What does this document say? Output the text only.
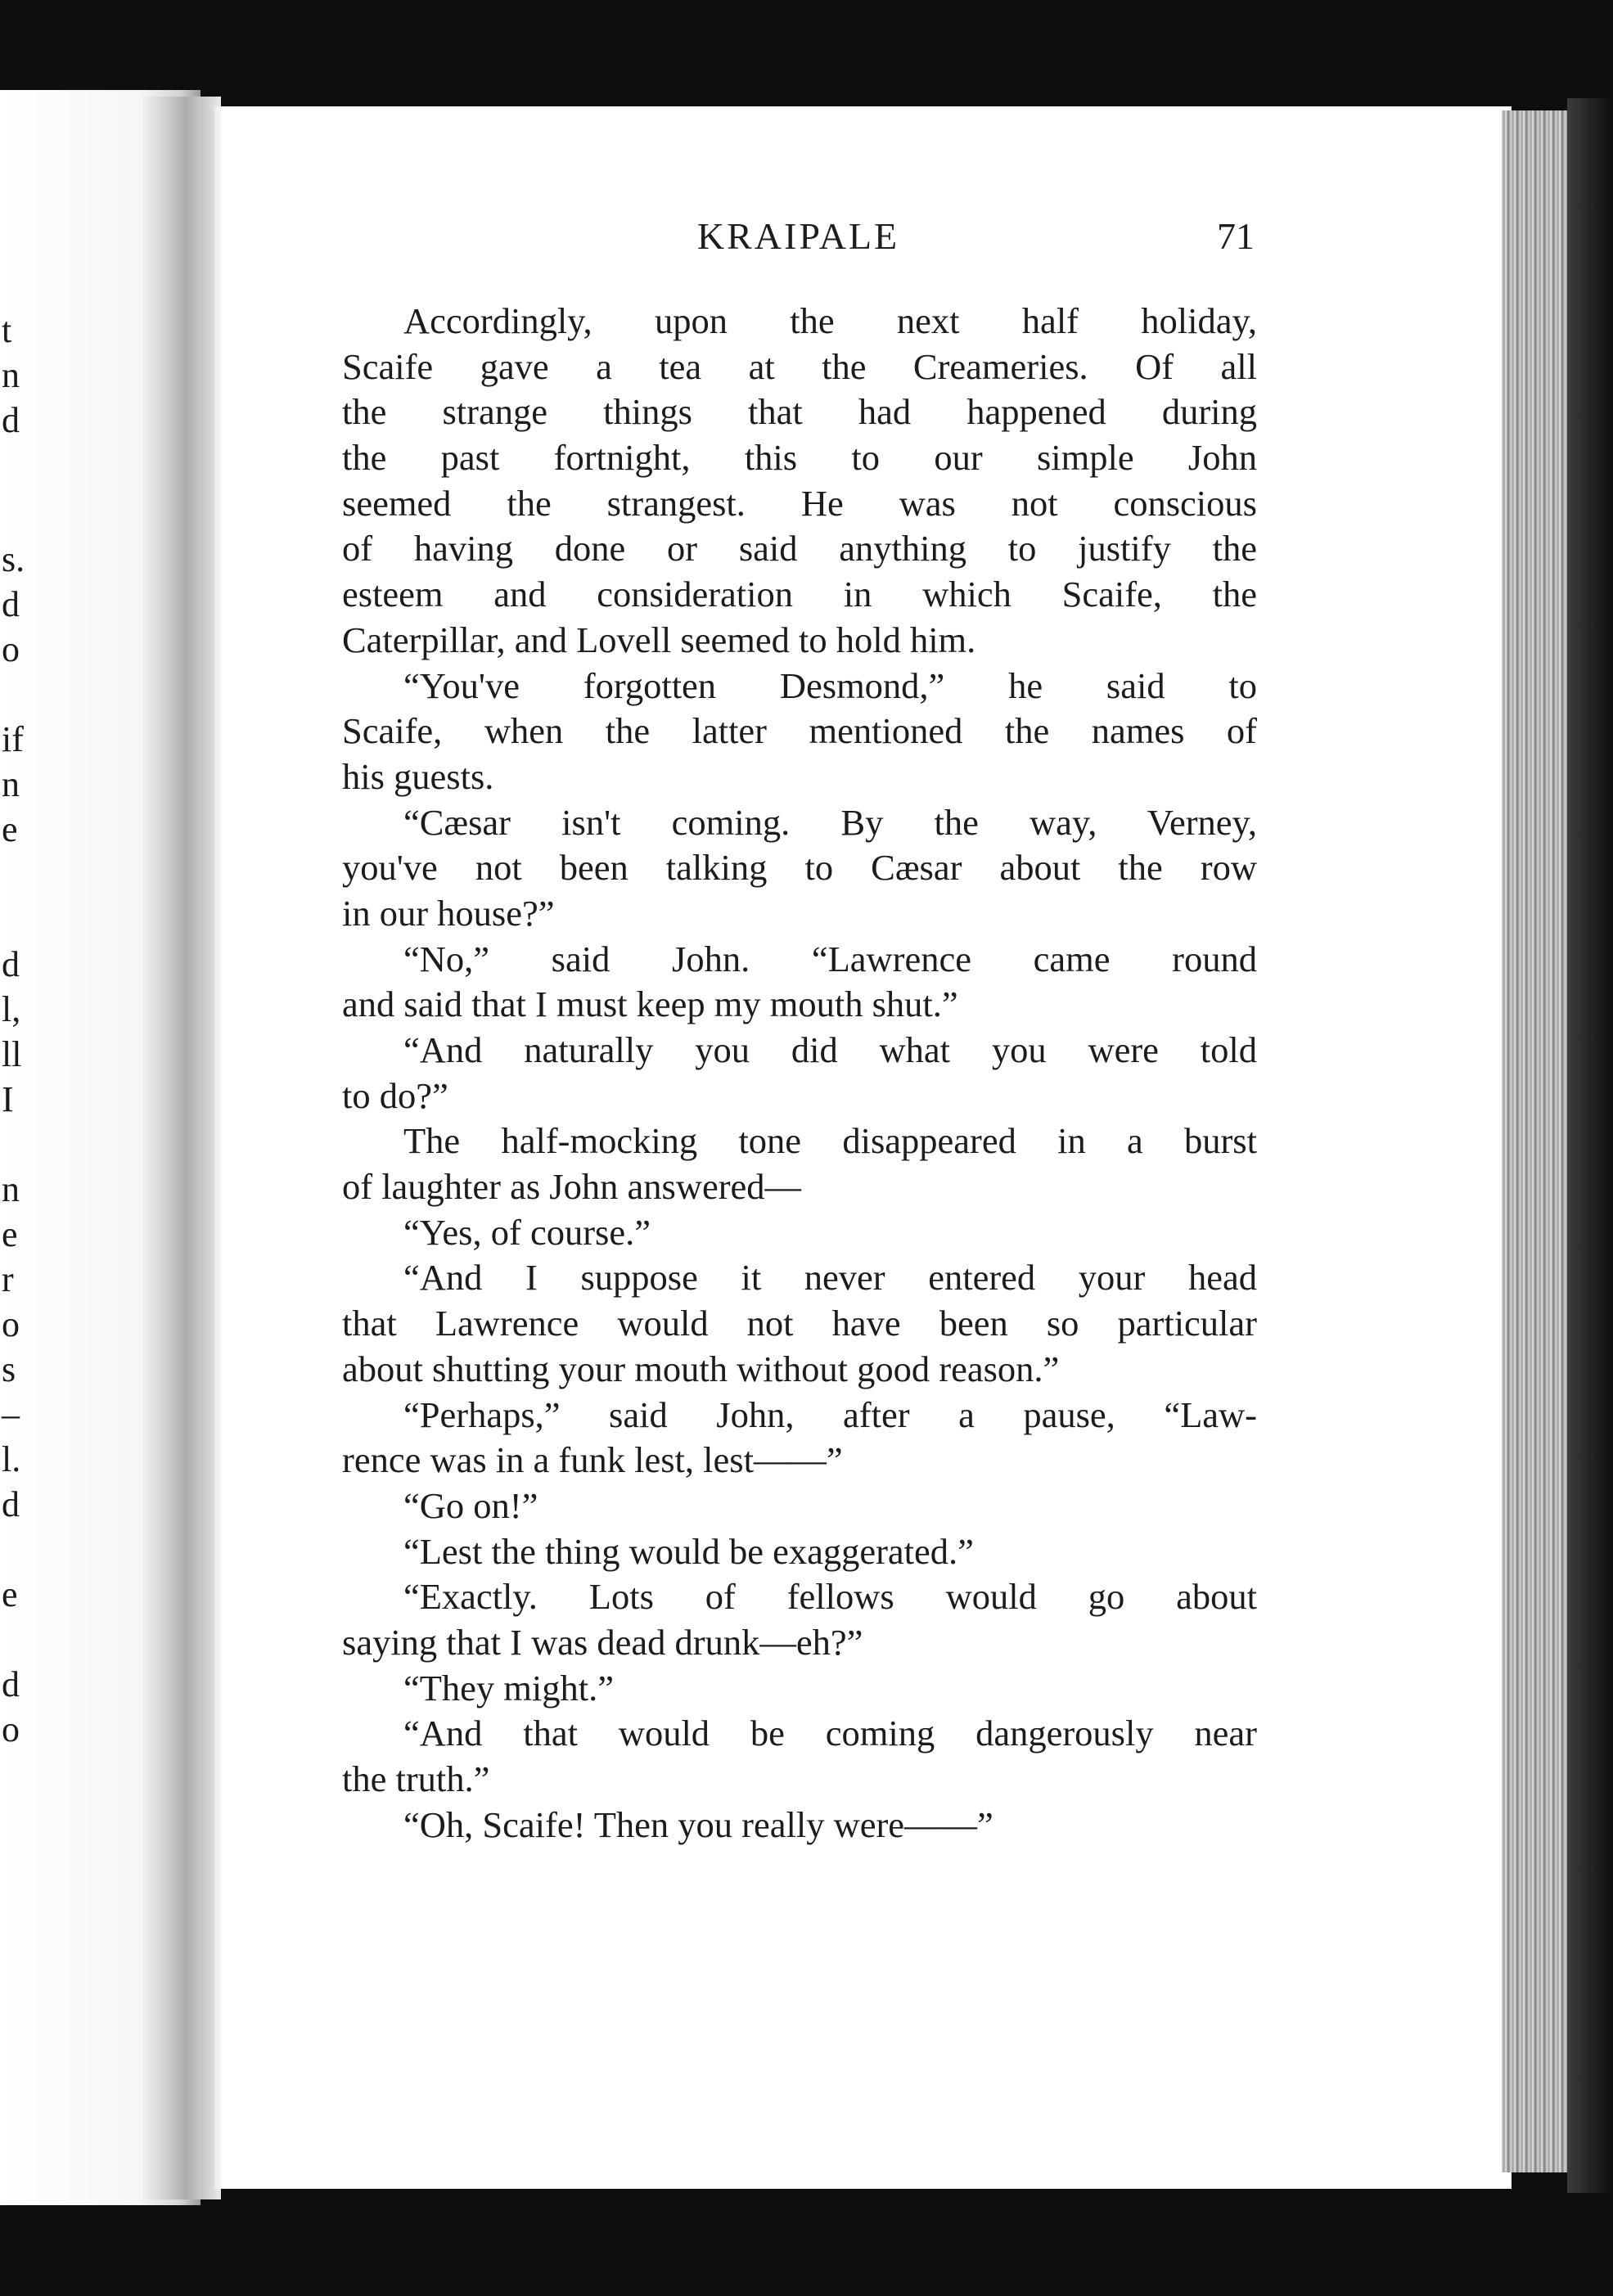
t
n
d
s.
d
o
if
n
e
d
l,
ll
I
n
e
r
o
s
–
l.
d
e
d
o
KRAIPALE	71
Accordingly, upon the next half holiday,
Scaife gave a tea at the Creameries. Of all
the strange things that had happened during
the past fortnight, this to our simple John
seemed the strangest. He was not conscious
of having done or said anything to justify the
esteem and consideration in which Scaife, the
Caterpillar, and Lovell seemed to hold him.
“You've forgotten Desmond,” he said to
Scaife, when the latter mentioned the names of
his guests.
“Cæsar isn't coming. By the way, Verney,
you've not been talking to Cæsar about the row
in our house?”
“No,” said John. “Lawrence came round
and said that I must keep my mouth shut.”
“And naturally you did what you were told
to do?”
The half-mocking tone disappeared in a burst
of laughter as John answered—
“Yes, of course.”
“And I suppose it never entered your head
that Lawrence would not have been so particular
about shutting your mouth without good reason.”
“Perhaps,” said John, after a pause, “Law-
rence was in a funk lest, lest——”
“Go on!”
“Lest the thing would be exaggerated.”
“Exactly. Lots of fellows would go about
saying that I was dead drunk—eh?”
“They might.”
“And that would be coming dangerously near
the truth.”
“Oh, Scaife! Then you really were——”
